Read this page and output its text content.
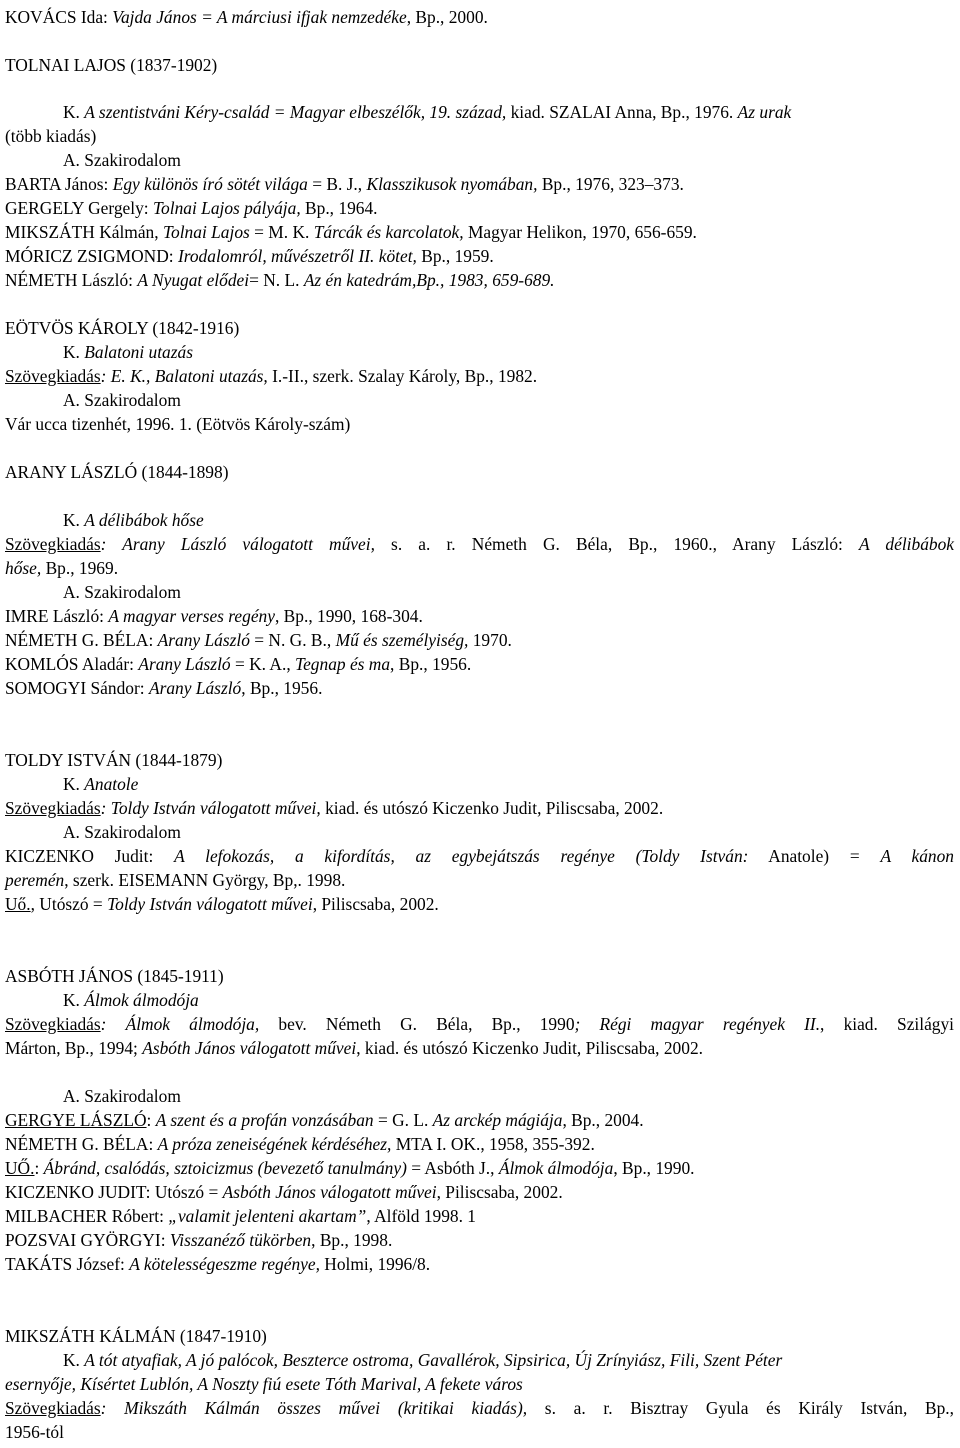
KOVÁCS Ida: Vajda János = A márciusi ifjak nemzedéke, Bp., 2000.
TOLNAI LAJOS (1837-1902)
K. A szentistváni Kéry-család = Magyar elbeszélők, 19. század, kiad. SZALAI Anna, Bp., 1976. Az urak
(több kiadás)
A. Szakirodalom
BARTA János: Egy különös író sötét világa = B. J., Klasszikusok nyomában, Bp., 1976, 323–373.
GERGELY Gergely: Tolnai Lajos pályája, Bp., 1964.
MIKSZÁTH Kálmán, Tolnai Lajos = M. K. Tárcák és karcolatok, Magyar Helikon, 1970, 656-659.
MÓRICZ ZSIGMOND: Irodalomról, művészetről II. kötet, Bp., 1959.
NÉMETH László: A Nyugat elődei= N. L. Az én katedrám,Bp., 1983, 659-689.
EÖTVÖS KÁROLY (1842-1916)
K. Balatoni utazás
Szövegkiadás: E. K., Balatoni utazás, I.-II., szerk. Szalay Károly, Bp., 1982.
A. Szakirodalom
Vár ucca tizenhét, 1996. 1. (Eötvös Károly-szám)
ARANY LÁSZLÓ (1844-1898)
K. A délibábok hőse
Szövegkiadás: Arany László válogatott művei, s. a. r. Németh G. Béla, Bp., 1960., Arany László: A délibábok
hőse, Bp., 1969.
A. Szakirodalom
IMRE László: A magyar verses regény, Bp., 1990, 168-304.
NÉMETH G. BÉLA: Arany László = N. G. B., Mű és személyiség, 1970.
KOMLÓS Aladár: Arany László = K. A., Tegnap és ma, Bp., 1956.
SOMOGYI Sándor: Arany László, Bp., 1956.
TOLDY ISTVÁN (1844-1879)
K. Anatole
Szövegkiadás: Toldy István válogatott művei, kiad. és utószó Kiczenko Judit, Piliscsaba, 2002.
A. Szakirodalom
KICZENKO Judit: A lefokozás, a kifordítás, az egybejátszás regénye (Toldy István: Anatole) = A kánon
peremén, szerk. EISEMANN György, Bp,. 1998.
Uő., Utószó = Toldy István válogatott művei, Piliscsaba, 2002.
ASBÓTH JÁNOS (1845-1911)
K. Álmok álmodója
Szövegkiadás: Álmok álmodója, bev. Németh G. Béla, Bp., 1990; Régi magyar regények II., kiad. Szilágyi
Márton, Bp., 1994; Asbóth János válogatott művei, kiad. és utószó Kiczenko Judit, Piliscsaba, 2002.
A. Szakirodalom
GERGYE LÁSZLÓ: A szent és a profán vonzásában = G. L. Az arckép mágiája, Bp., 2004.
NÉMETH G. BÉLA: A próza zeneiségének kérdéséhez, MTA I. OK., 1958, 355-392.
UŐ.: Ábránd, csalódás, sztoicizmus (bevezető tanulmány) = Asbóth J., Álmok álmodója, Bp., 1990.
KICZENKO JUDIT: Utószó = Asbóth János válogatott művei, Piliscsaba, 2002.
MILBACHER Róbert: „valamit jelenteni akartam”, Alföld 1998. 1
POZSVAI GYÖRGYI: Visszanéző tükörben, Bp., 1998.
TAKÁTS József: A kötelességeszme regénye, Holmi, 1996/8.
MIKSZÁTH KÁLMÁN (1847-1910)
K. A tót atyafiak, A jó palócok, Beszterce ostroma, Gavallérok, Sipsirica, Új Zrínyiász, Fili, Szent Péter
esernyője, Kísértet Lublón, A Noszty fiú esete Tóth Marival, A fekete város
Szövegkiadás: Mikszáth Kálmán összes művei (kritikai kiadás), s. a. r. Bisztray Gyula és Király István, Bp.,
1956-tól
